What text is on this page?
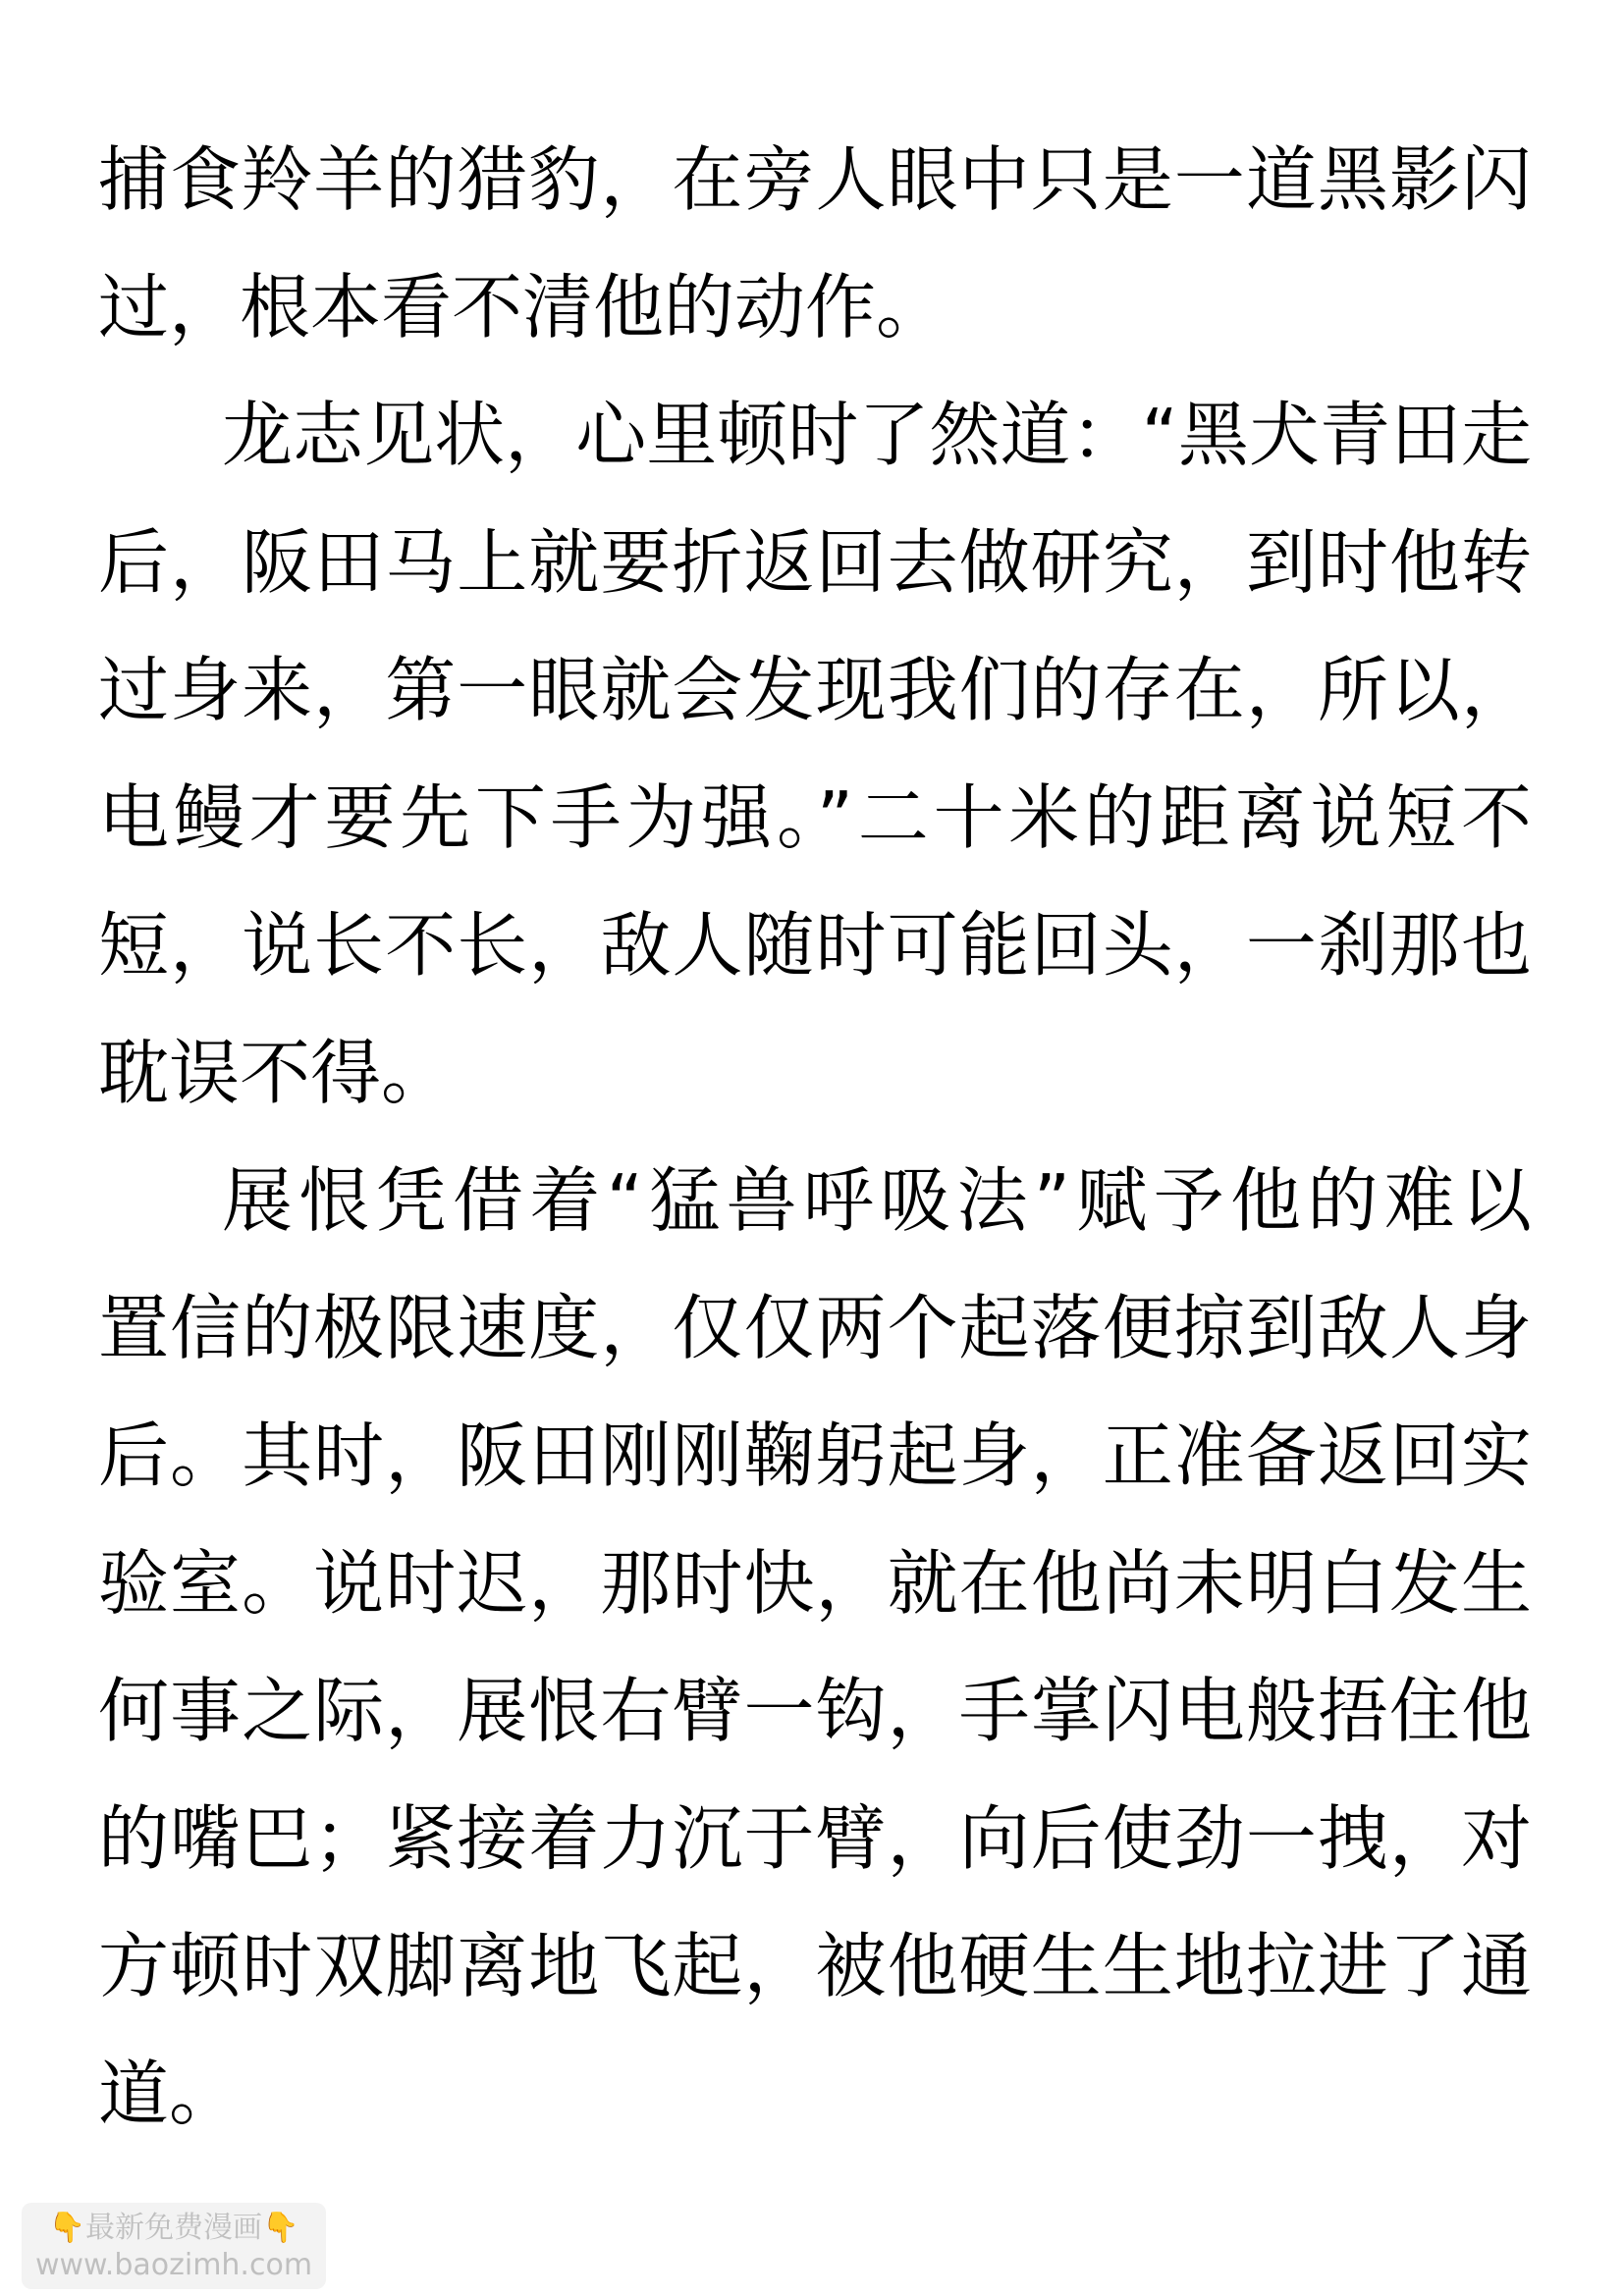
捕食羚羊的猎豹，在旁人眼中只是一道黑影闪
过，根本看不清他的动作。
龙志见状，心里顿时了然道：“黑犬青田走
后，阪田马上就要折返回去做研究，到时他转
过身来，第一眼就会发现我们的存在，所以，
电鳗才要先下手为强。”二十米的距离说短不
短，说长不长，敌人随时可能回头，一刹那也
耽误不得。
展恨凭借着“猛兽呼吸法”赋予他的难以
置信的极限速度，仅仅两个起落便掠到敌人身
后。其时，阪田刚刚鞠躬起身，正准备返回实
验室。说时迟，那时快，就在他尚未明白发生
何事之际，展恨右臂一钩，手掌闪电般捂住他
的嘴巴；紧接着力沉于臂，向后使劲一拽，对
方顿时双脚离地飞起，被他硬生生地拉进了通
道。
👇最新免费漫画👇
www.baozimh.com
